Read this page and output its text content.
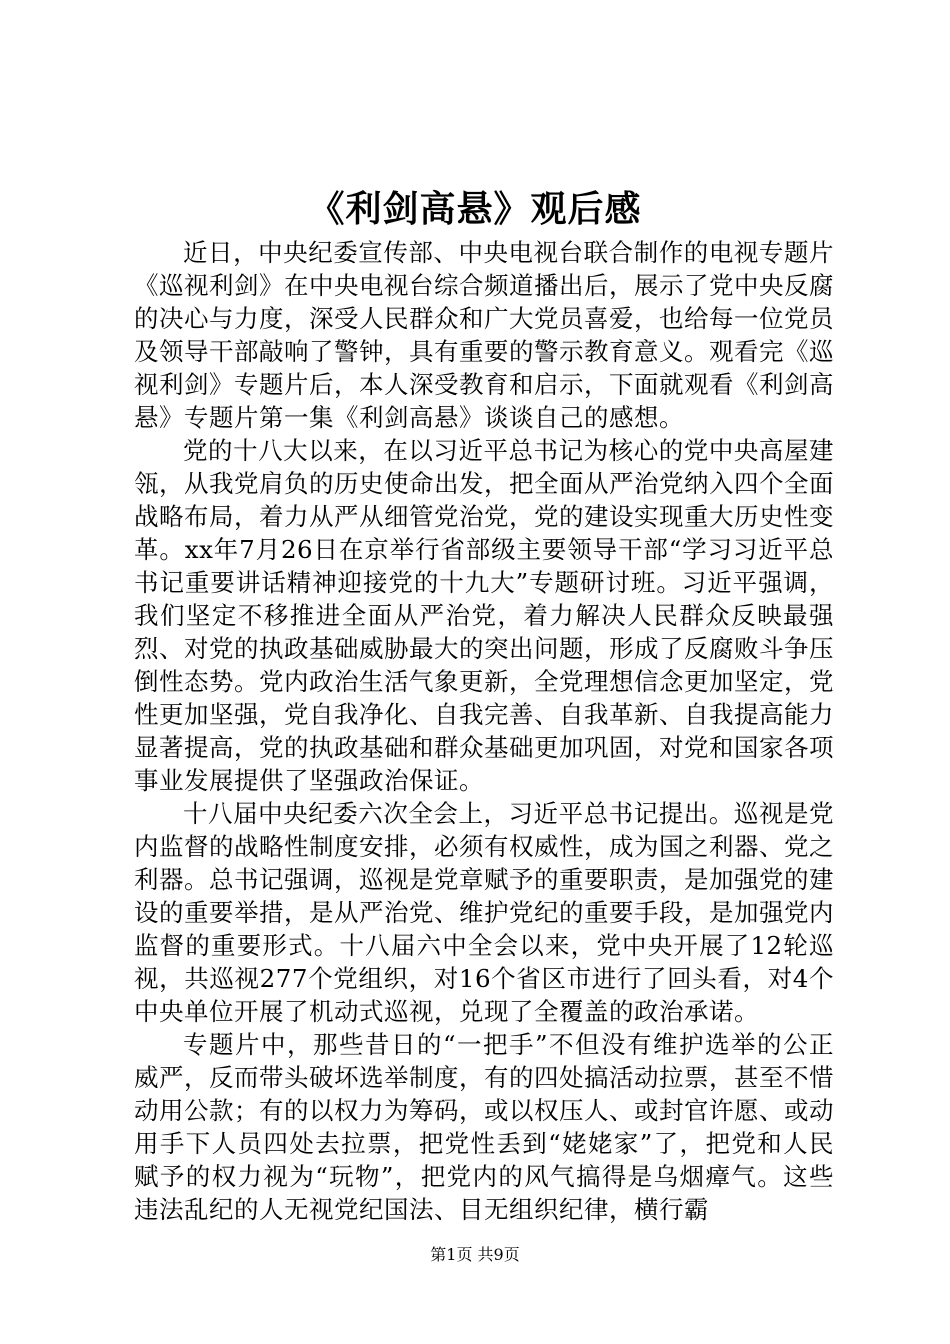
《利剑高悬》观后感

近日，中央纪委宣传部、中央电视台联合制作的电视专题片《巡视利剑》在中央电视台综合频道播出后，展示了党中央反腐的决心与力度，深受人民群众和广大党员喜爱，也给每一位党员及领导干部敲响了警钟，具有重要的警示教育意义。观看完《巡视利剑》专题片后，本人深受教育和启示，下面就观看《利剑高悬》专题片第一集《利剑高悬》谈谈自己的感想。

党的十八大以来，在以习近平总书记为核心的党中央高屋建瓴，从我党肩负的历史使命出发，把全面从严治党纳入四个全面战略布局，着力从严从细管党治党，党的建设实现重大历史性变革。xx年7月26日在京举行省部级主要领导干部“学习习近平总书记重要讲话精神迎接党的十九大”专题研讨班。习近平强调，我们坚定不移推进全面从严治党，着力解决人民群众反映最强烈、对党的执政基础威胁最大的突出问题，形成了反腐败斗争压倒性态势。党内政治生活气象更新，全党理想信念更加坚定，党性更加坚强，党自我净化、自我完善、自我革新、自我提高能力显著提高，党的执政基础和群众基础更加巩固，对党和国家各项事业发展提供了坚强政治保证。

十八届中央纪委六次全会上，习近平总书记提出。巡视是党内监督的战略性制度安排，必须有权威性，成为国之利器、党之利器。总书记强调，巡视是党章赋予的重要职责，是加强党的建设的重要举措，是从严治党、维护党纪的重要手段，是加强党内监督的重要形式。十八届六中全会以来，党中央开展了12轮巡视，共巡视277个党组织，对16个省区市进行了回头看，对4个中央单位开展了机动式巡视，兑现了全覆盖的政治承诺。

专题片中，那些昔日的“一把手”不但没有维护选举的公正威严，反而带头破坏选举制度，有的四处搞活动拉票，甚至不惜动用公款；有的以权力为筹码，或以权压人、或封官许愿、或动用手下人员四处去拉票，把党性丢到“姥姥家”了，把党和人民赋予的权力视为“玩物”，把党内的风气搞得是乌烟瘴气。这些违法乱纪的人无视党纪国法、目无组织纪律，横行霸

第1页 共9页
